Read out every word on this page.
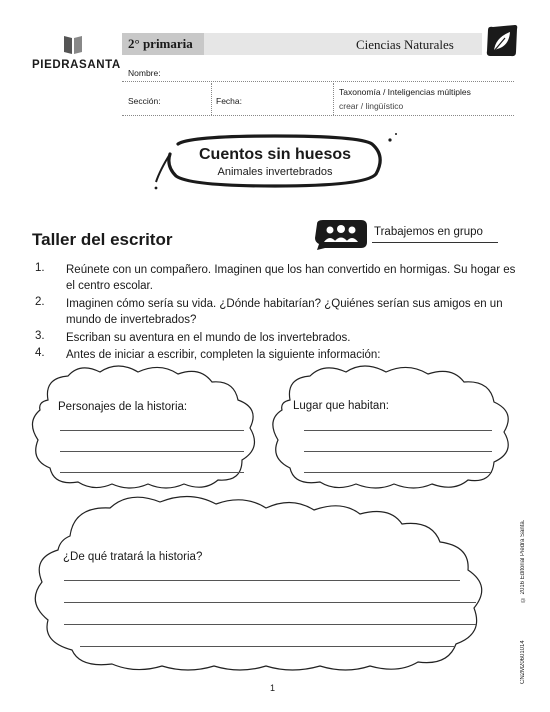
PIEDRASANTA
2° primaria	Ciencias Naturales
Nombre:
Sección:	Fecha:
Taxonomía / Inteligencias múltiples
crear / lingüístico
Cuentos sin huesos
Animales invertebrados
Taller del escritor	Trabajemos en grupo
1. Reúnete con un compañero. Imaginen que los han convertido en hormigas. Su hogar es el centro escolar.
2. Imaginen cómo sería su vida. ¿Dónde habitarían? ¿Quiénes serían sus amigos en un mundo de invertebrados?
3. Escriban su aventura en el mundo de los invertebrados.
4. Antes de iniciar a escribir, completen la siguiente información:
Personajes de la historia:	Lugar que habitan:
¿De qué tratará la historia?	© 2016 Editorial Piedra Santa.
CN2M20601014
1
